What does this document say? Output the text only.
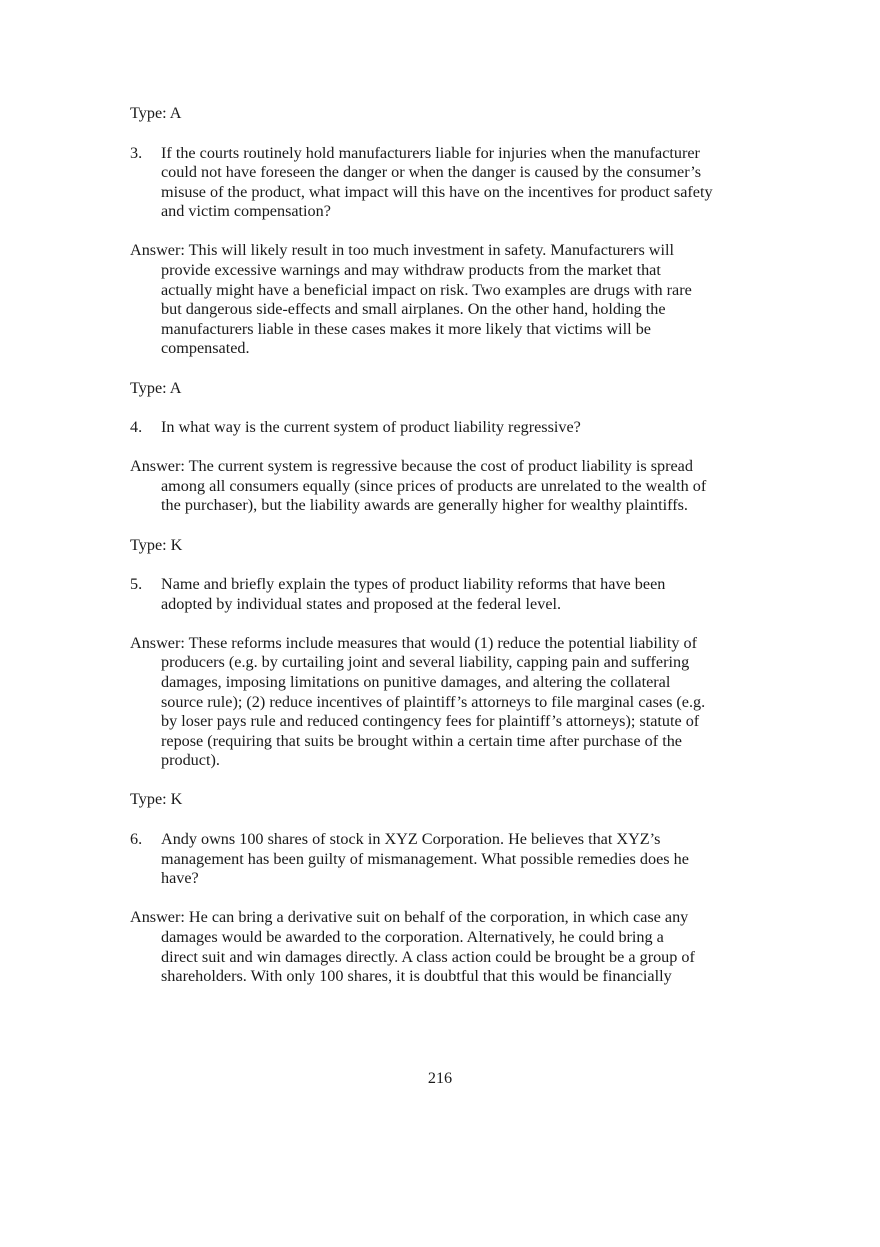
Type: A
3. If the courts routinely hold manufacturers liable for injuries when the manufacturer
could not have foreseen the danger or when the danger is caused by the consumer’s
misuse of the product, what impact will this have on the incentives for product safety
and victim compensation?
Answer: This will likely result in too much investment in safety. Manufacturers will
provide excessive warnings and may withdraw products from the market that
actually might have a beneficial impact on risk. Two examples are drugs with rare
but dangerous side-effects and small airplanes. On the other hand, holding the
manufacturers liable in these cases makes it more likely that victims will be
compensated.
Type: A
4. In what way is the current system of product liability regressive?
Answer: The current system is regressive because the cost of product liability is spread
among all consumers equally (since prices of products are unrelated to the wealth of
the purchaser), but the liability awards are generally higher for wealthy plaintiffs.
Type: K
5. Name and briefly explain the types of product liability reforms that have been
adopted by individual states and proposed at the federal level.
Answer: These reforms include measures that would (1) reduce the potential liability of
producers (e.g. by curtailing joint and several liability, capping pain and suffering
damages, imposing limitations on punitive damages, and altering the collateral
source rule); (2) reduce incentives of plaintiff’s attorneys to file marginal cases (e.g.
by loser pays rule and reduced contingency fees for plaintiff’s attorneys); statute of
repose (requiring that suits be brought within a certain time after purchase of the
product).
Type: K
6. Andy owns 100 shares of stock in XYZ Corporation. He believes that XYZ’s
management has been guilty of mismanagement. What possible remedies does he
have?
Answer: He can bring a derivative suit on behalf of the corporation, in which case any
damages would be awarded to the corporation. Alternatively, he could bring a
direct suit and win damages directly. A class action could be brought be a group of
shareholders. With only 100 shares, it is doubtful that this would be financially
216
